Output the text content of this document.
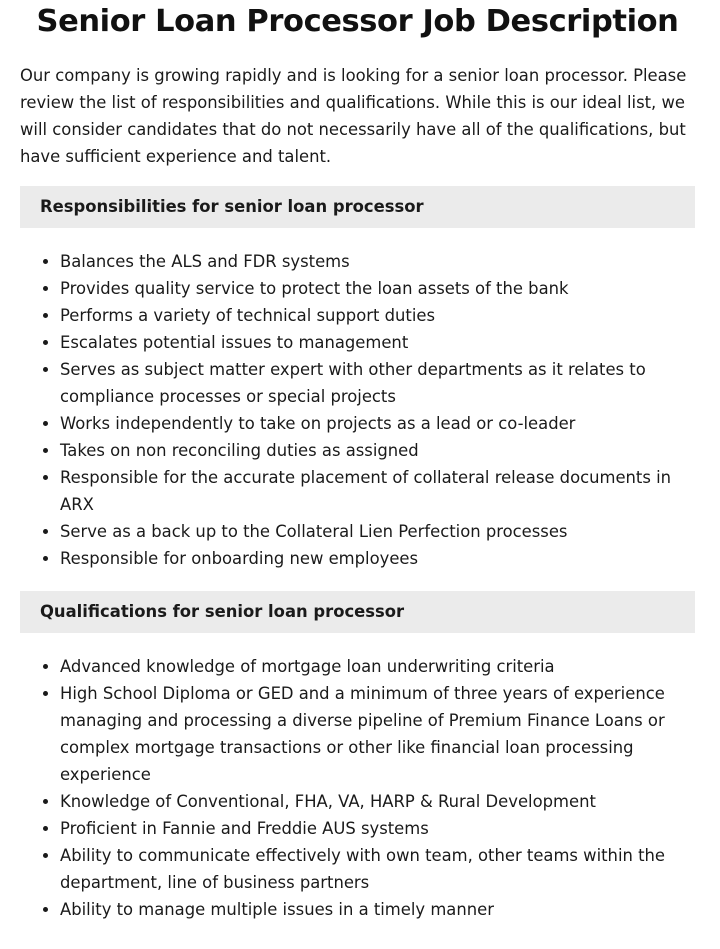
Senior Loan Processor Job Description

Our company is growing rapidly and is looking for a senior loan processor. Please review the list of responsibilities and qualifications. While this is our ideal list, we will consider candidates that do not necessarily have all of the qualifications, but have sufficient experience and talent.

Responsibilities for senior loan processor
• Balances the ALS and FDR systems
• Provides quality service to protect the loan assets of the bank
• Performs a variety of technical support duties
• Escalates potential issues to management
• Serves as subject matter expert with other departments as it relates to compliance processes or special projects
• Works independently to take on projects as a lead or co-leader
• Takes on non reconciling duties as assigned
• Responsible for the accurate placement of collateral release documents in ARX
• Serve as a back up to the Collateral Lien Perfection processes
• Responsible for onboarding new employees
Qualifications for senior loan processor
• Advanced knowledge of mortgage loan underwriting criteria
• High School Diploma or GED and a minimum of three years of experience managing and processing a diverse pipeline of Premium Finance Loans or complex mortgage transactions or other like financial loan processing experience
• Knowledge of Conventional, FHA, VA, HARP & Rural Development
• Proficient in Fannie and Freddie AUS systems
• Ability to communicate effectively with own team, other teams within the department, line of business partners
• Ability to manage multiple issues in a timely manner
